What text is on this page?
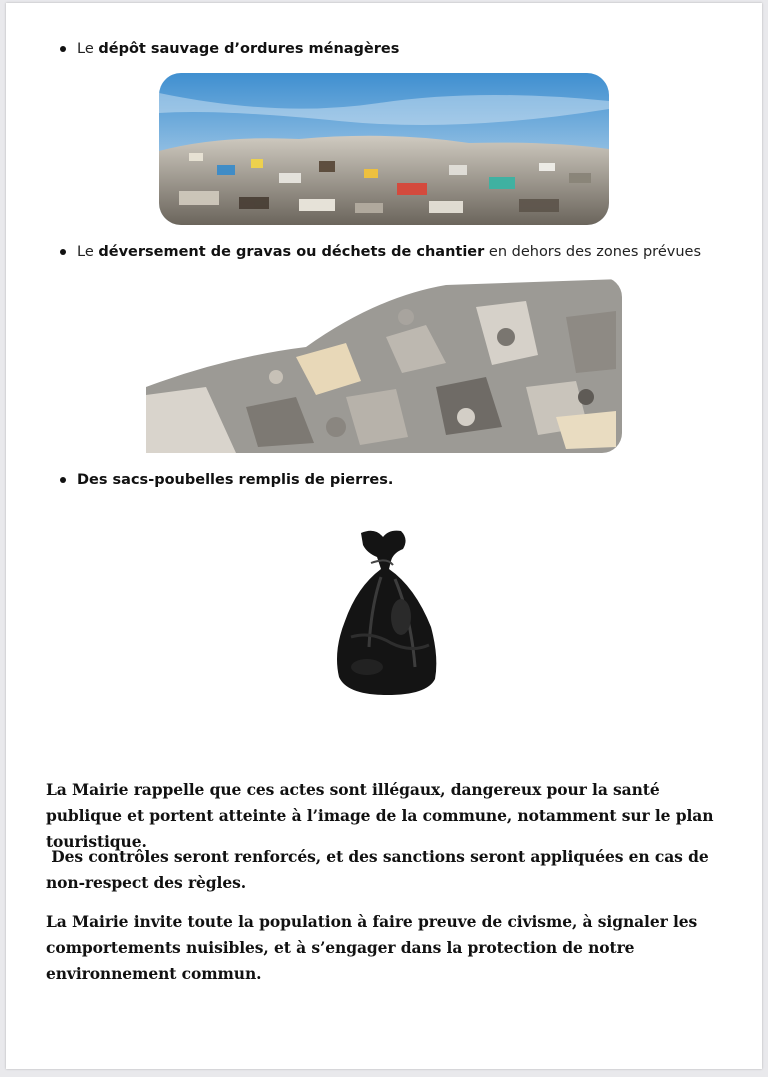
Le dépôt sauvage d’ordures ménagères
Le déversement de gravas ou déchets de chantier en dehors des zones prévues
Des sacs-poubelles remplis de pierres.

La Mairie rappelle que ces actes sont illégaux, dangereux pour la santé publique et portent atteinte à l’image de la commune, notamment sur le plan touristique.

Des contrôles seront renforcés, et des sanctions seront appliquées en cas de non-respect des règles.

La Mairie invite toute la population à faire preuve de civisme, à signaler les comportements nuisibles, et à s’engager dans la protection de notre environnement commun.
